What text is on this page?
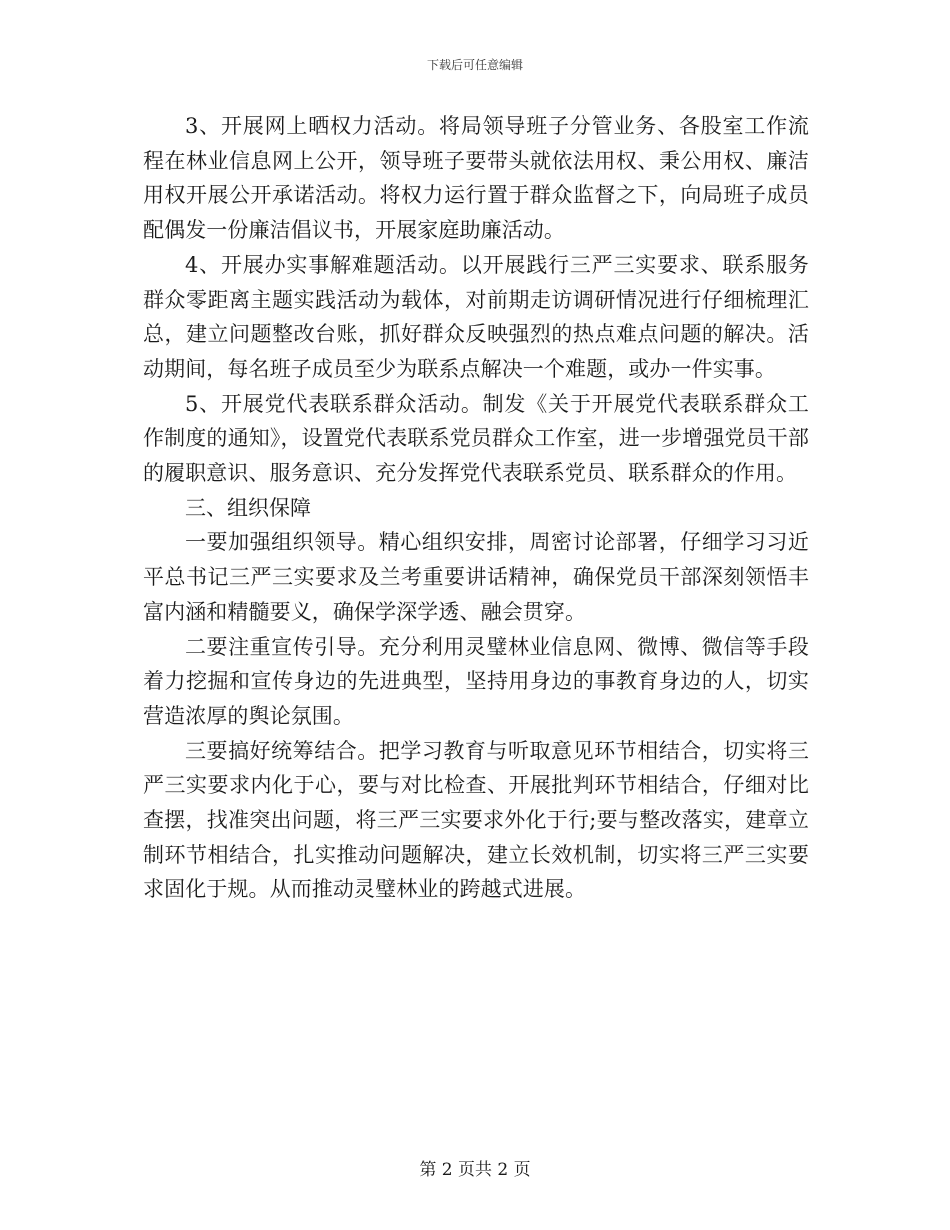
下载后可任意编辑

3、开展网上晒权力活动。将局领导班子分管业务、各股室工作流程在林业信息网上公开，领导班子要带头就依法用权、秉公用权、廉洁用权开展公开承诺活动。将权力运行置于群众监督之下，向局班子成员配偶发一份廉洁倡议书，开展家庭助廉活动。

4、开展办实事解难题活动。以开展践行三严三实要求、联系服务群众零距离主题实践活动为载体，对前期走访调研情况进行仔细梳理汇总，建立问题整改台账，抓好群众反映强烈的热点难点问题的解决。活动期间，每名班子成员至少为联系点解决一个难题，或办一件实事。

5、开展党代表联系群众活动。制发《关于开展党代表联系群众工作制度的通知》，设置党代表联系党员群众工作室，进一步增强党员干部的履职意识、服务意识、充分发挥党代表联系党员、联系群众的作用。

三、组织保障

一要加强组织领导。精心组织安排，周密讨论部署，仔细学习习近平总书记三严三实要求及兰考重要讲话精神，确保党员干部深刻领悟丰富内涵和精髓要义，确保学深学透、融会贯穿。

二要注重宣传引导。充分利用灵璧林业信息网、微博、微信等手段着力挖掘和宣传身边的先进典型，坚持用身边的事教育身边的人，切实营造浓厚的舆论氛围。

三要搞好统筹结合。把学习教育与听取意见环节相结合，切实将三严三实要求内化于心，要与对比检查、开展批判环节相结合，仔细对比查摆，找准突出问题，将三严三实要求外化于行;要与整改落实，建章立制环节相结合，扎实推动问题解决，建立长效机制，切实将三严三实要求固化于规。从而推动灵璧林业的跨越式进展。

第 2 页共 2 页
